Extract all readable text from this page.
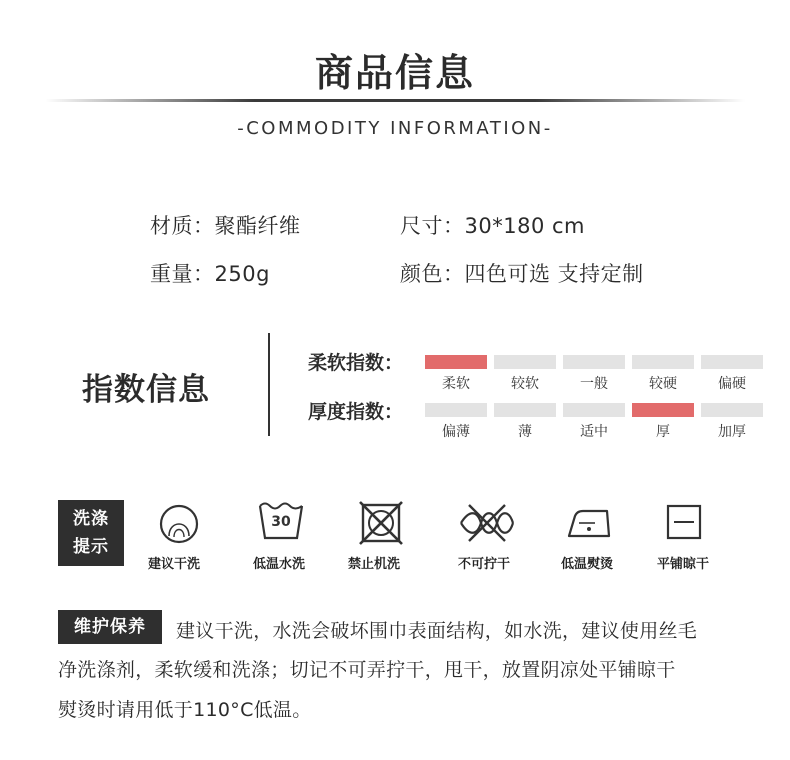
商品信息
-COMMODITY INFORMATION-
材质：聚酯纤维	尺寸：30*180 cm
重量：250g	颜色：四色可选 支持定制
指数信息
柔软指数：
柔软	较软	一般	较硬	偏硬
厚度指数：
偏薄	薄	适中	厚	加厚
洗涤
提示
建议干洗
30
低温水洗	禁止机洗	不可拧干	低温熨烫	平铺晾干
维护保养	建议干洗，水洗会破坏围巾表面结构，如水洗，建议使用丝毛
净洗涤剂，柔软缓和洗涤；切记不可弄拧干，甩干，放置阴凉处平铺晾干
熨烫时请用低于110°C低温。
